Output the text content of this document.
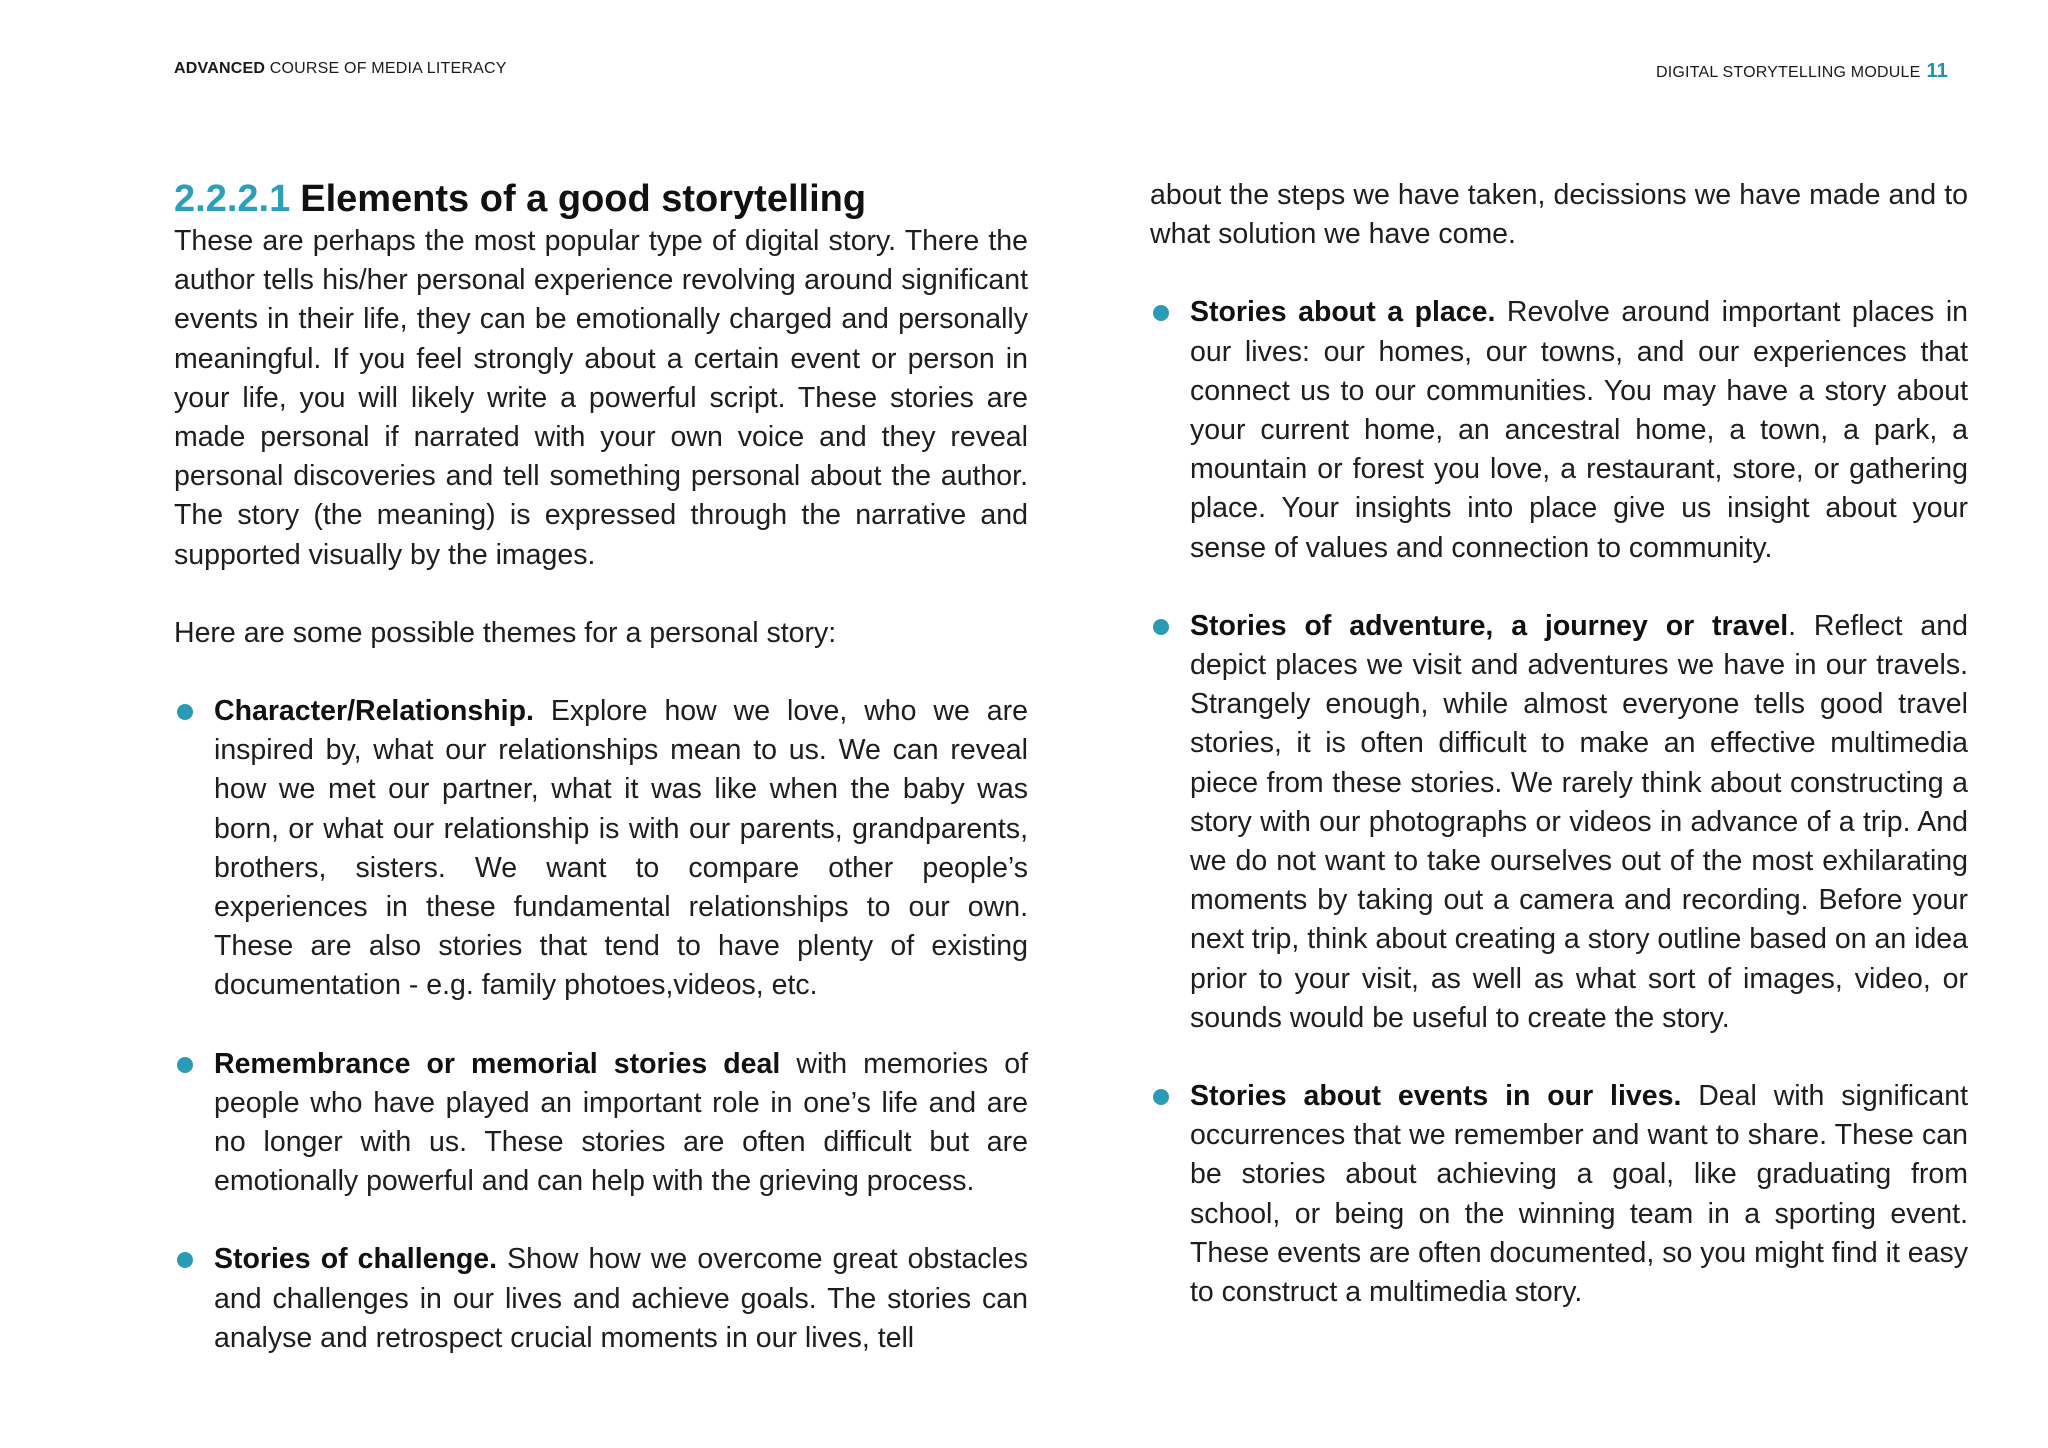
ADVANCED COURSE OF MEDIA LITERACY	DIGITAL STORYTELLING MODULE 11
2.2.2.1 Elements of a good storytelling

These are perhaps the most popular type of digital story. There the author tells his/her personal experience revolving around significant events in their life, they can be emotionally charged and personally meaningful. If you feel strongly about a certain event or person in your life, you will likely write a powerful script. These stories are made personal if narrated with your own voice and they reveal personal discoveries and tell something personal about the author. The story (the meaning) is expressed through the narrative and supported visually by the images.

Here are some possible themes for a personal story:

Character/Relationship. Explore how we love, who we are inspired by, what our relationships mean to us. We can reveal how we met our partner, what it was like when the baby was born, or what our relationship is with our parents, grandparents, brothers, sisters. We want to compare other people’s experiences in these fundamental relationships to our own. These are also stories that tend to have plenty of existing documentation - e.g. family photoes,videos, etc.

Remembrance or memorial stories deal with memories of people who have played an important role in one’s life and are no longer with us. These stories are often difficult but are emotionally powerful and can help with the grieving process.

Stories of challenge. Show how we overcome great obstacles and challenges in our lives and achieve goals. The stories can analyse and retrospect crucial moments in our lives, tell

about the steps we have taken, decissions we have made and to what solution we have come.

Stories about a place. Revolve around important places in our lives: our homes, our towns, and our experiences that connect us to our communities. You may have a story about your current home, an ancestral home, a town, a park, a mountain or forest you love, a restaurant, store, or gathering place. Your insights into place give us insight about your sense of values and connection to community.

Stories of adventure, a journey or travel. Reflect and depict places we visit and adventures we have in our travels. Strangely enough, while almost everyone tells good travel stories, it is often difficult to make an effective multimedia piece from these stories. We rarely think about constructing a story with our photographs or videos in advance of a trip. And we do not want to take ourselves out of the most exhilarating moments by taking out a camera and recording. Before your next trip, think about creating a story outline based on an idea prior to your visit, as well as what sort of images, video, or sounds would be useful to create the story.

Stories about events in our lives. Deal with significant occurrences that we remember and want to share. These can be stories about achieving a goal, like graduating from school, or being on the winning team in a sporting event. These events are often documented, so you might find it easy to construct a multimedia story.
